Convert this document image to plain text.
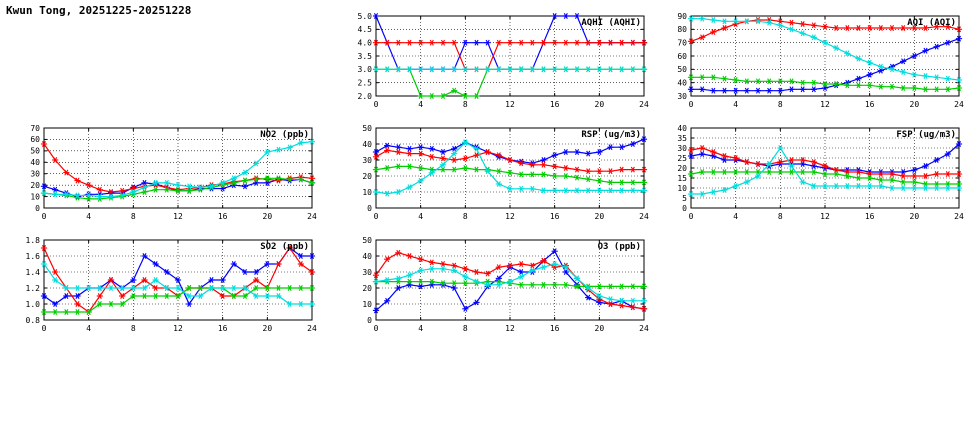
Kwun Tong, 20251225-20251228
2.0
2.5
3.0
3.5
4.0
4.5
5.0
0	4	8	12	16	20	24
AQHI (AQHI)
30
40
50
60
70
80
90
0	4	8	12	16	20	24
AQI (AQI)
0
10
20
30
40
50
60
70
0	4	8	12	16	20	24
NO2 (ppb)
0
10
20
30
40
50
0	4	8	12	16	20	24
RSP (ug/m3)
0
5
10
15
20
25
30
35
40
0	4	8	12	16	20	24
FSP (ug/m3)
0.8
1.0
1.2
1.4
1.6
1.8
0	4	8	12	16	20	24
SO2 (ppb)
0
10
20
30
40
50
0	4	8	12	16	20	24
O3 (ppb)
